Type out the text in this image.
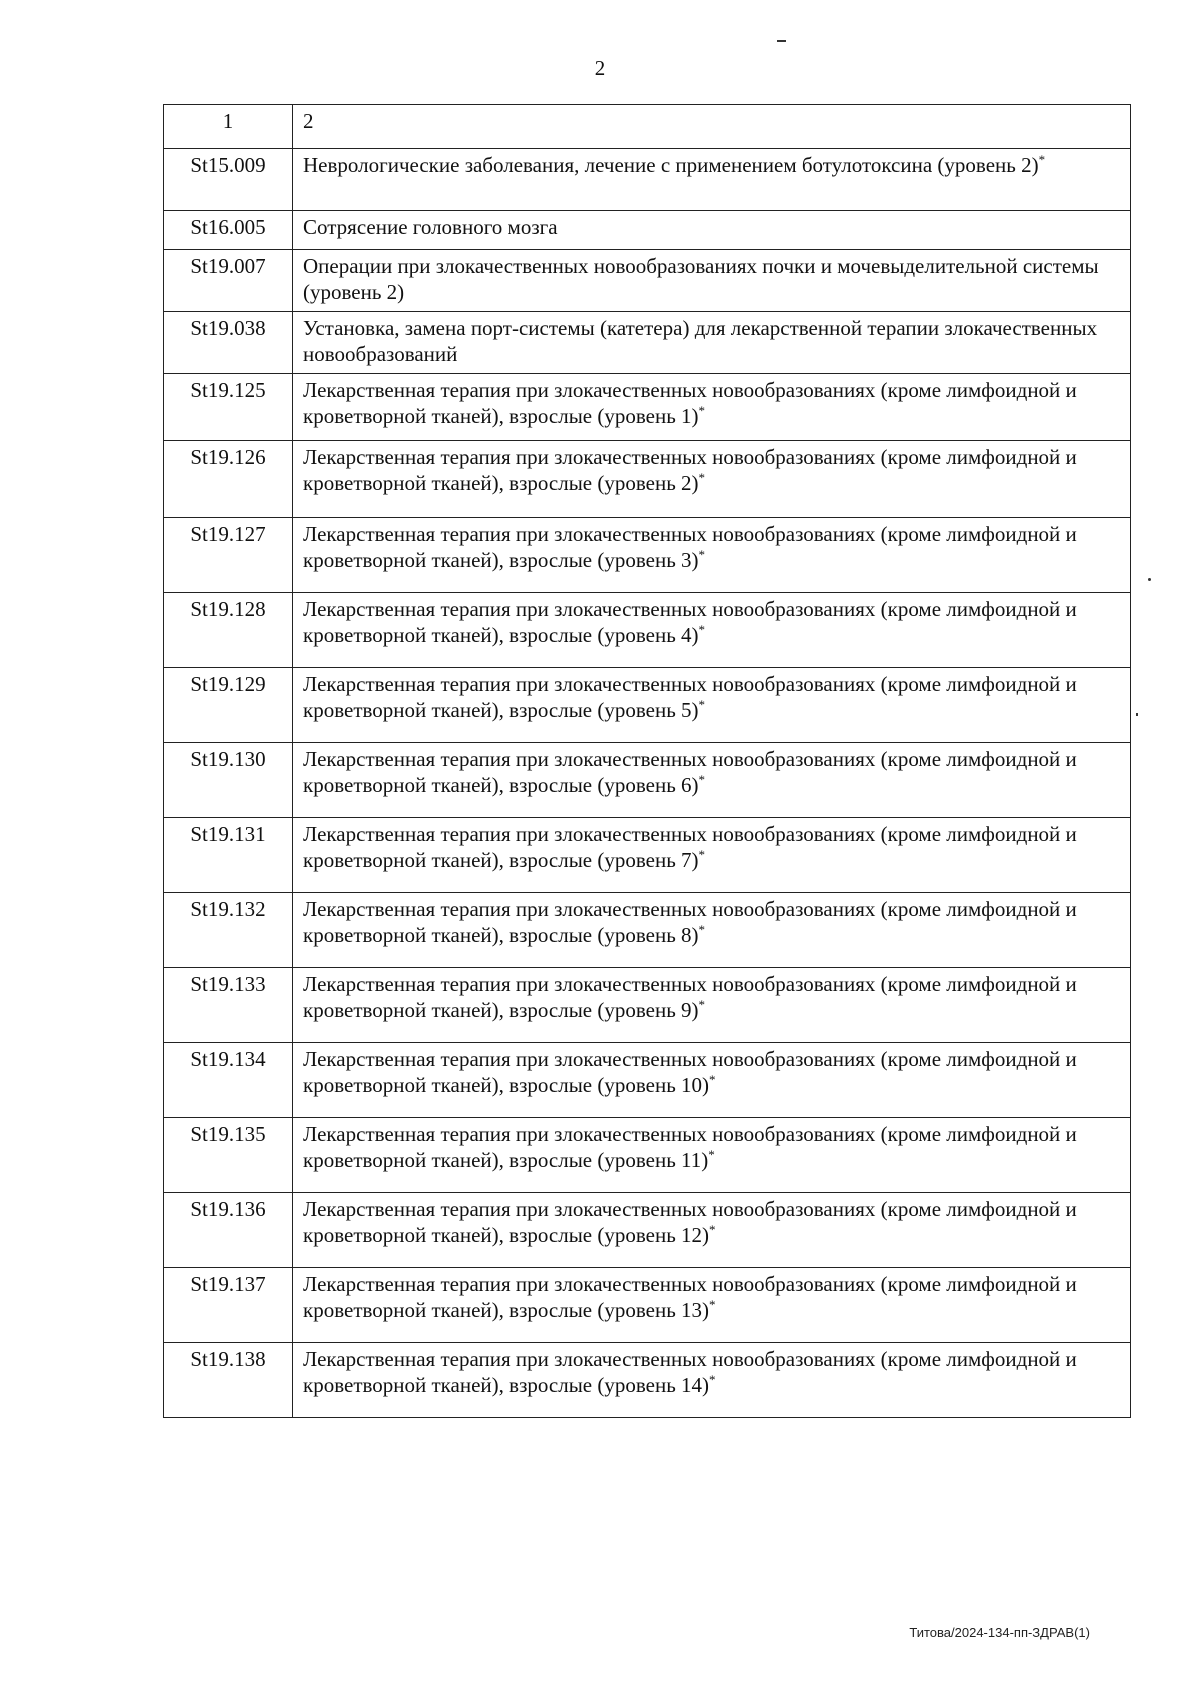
2
1	2
St15.009	Неврологические заболевания, лечение с применением ботулотоксина (уровень 2)*
St16.005	Сотрясение головного мозга
St19.007	Операции при злокачественных новообразованиях почки и мочевыделительной системы (уровень 2)
St19.038	Установка, замена порт-системы (катетера) для лекарственной терапии злокачественных новообразований
St19.125	Лекарственная терапия при злокачественных новообразованиях (кроме лимфоидной и кроветворной тканей), взрослые (уровень 1)*
St19.126	Лекарственная терапия при злокачественных новообразованиях (кроме лимфоидной и кроветворной тканей), взрослые (уровень 2)*
St19.127	Лекарственная терапия при злокачественных новообразованиях (кроме лимфоидной и кроветворной тканей), взрослые (уровень 3)*
St19.128	Лекарственная терапия при злокачественных новообразованиях (кроме лимфоидной и кроветворной тканей), взрослые (уровень 4)*
St19.129	Лекарственная терапия при злокачественных новообразованиях (кроме лимфоидной и кроветворной тканей), взрослые (уровень 5)*
St19.130	Лекарственная терапия при злокачественных новообразованиях (кроме лимфоидной и кроветворной тканей), взрослые (уровень 6)*
St19.131	Лекарственная терапия при злокачественных новообразованиях (кроме лимфоидной и кроветворной тканей), взрослые (уровень 7)*
St19.132	Лекарственная терапия при злокачественных новообразованиях (кроме лимфоидной и кроветворной тканей), взрослые (уровень 8)*
St19.133	Лекарственная терапия при злокачественных новообразованиях (кроме лимфоидной и кроветворной тканей), взрослые (уровень 9)*
St19.134	Лекарственная терапия при злокачественных новообразованиях (кроме лимфоидной и кроветворной тканей), взрослые (уровень 10)*
St19.135	Лекарственная терапия при злокачественных новообразованиях (кроме лимфоидной и кроветворной тканей), взрослые (уровень 11)*
St19.136	Лекарственная терапия при злокачественных новообразованиях (кроме лимфоидной и кроветворной тканей), взрослые (уровень 12)*
St19.137	Лекарственная терапия при злокачественных новообразованиях (кроме лимфоидной и кроветворной тканей), взрослые (уровень 13)*
St19.138	Лекарственная терапия при злокачественных новообразованиях (кроме лимфоидной и кроветворной тканей), взрослые (уровень 14)*
Титова/2024-134-пп-ЗДРАВ(1)
